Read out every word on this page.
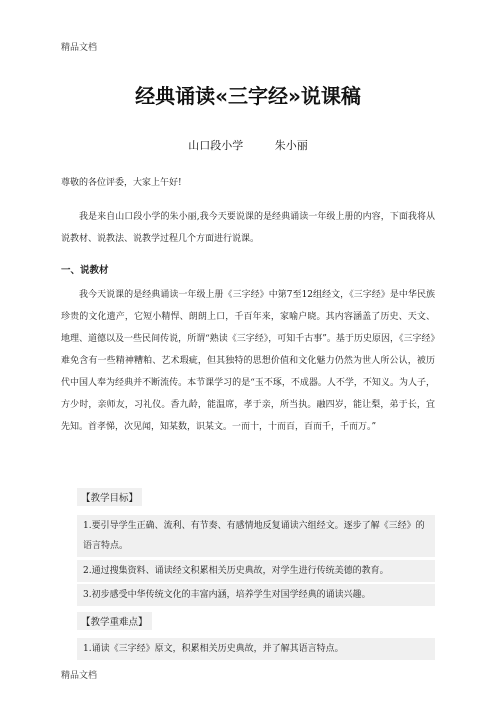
精品文档
经典诵读«三字经»说课稿
山口段小学	朱小丽
尊敬的各位评委，大家上午好!
我是来自山口段小学的朱小丽,我今天要说课的是经典诵读一年级上册的内容，下面我将从说教材、说教法、说教学过程几个方面进行说课。
一、说教材
我今天说课的是经典诵读一年级上册《三字经》中第7至12组经文，《三字经》是中华民族珍贵的文化遗产，它短小精悍、朗朗上口，千百年来，家喻户晓。其内容涵盖了历史、天文、地理、道德以及一些民间传说，所谓“熟读《三字经》，可知千古事”。基于历史原因，《三字经》难免含有一些精神糟粕、艺术瑕疵，但其独特的思想价值和文化魅力仍然为世人所公认，被历代中国人奉为经典并不断流传。本节课学习的是“玉不琢，不成器。人不学，不知义。为人子，方少时，亲师友，习礼仪。香九龄，能温席，孝于亲，所当执。融四岁，能让梨，弟于长，宜先知。首孝悌，次见闻，知某数，识某文。一而十，十而百，百而千，千而万。”
【教学目标】
1.要引导学生正确、流利、有节奏、有感情地反复诵读六组经文。逐步了解《三经》的语言特点。
2.通过搜集资料、诵读经文积累相关历史典故，对学生进行传统美德的教育。
3.初步感受中华传统文化的丰富内涵，培养学生对国学经典的诵读兴趣。
【教学重难点】
1.诵读《三字经》原文，积累相关历史典故，并了解其语言特点。
精品文档
